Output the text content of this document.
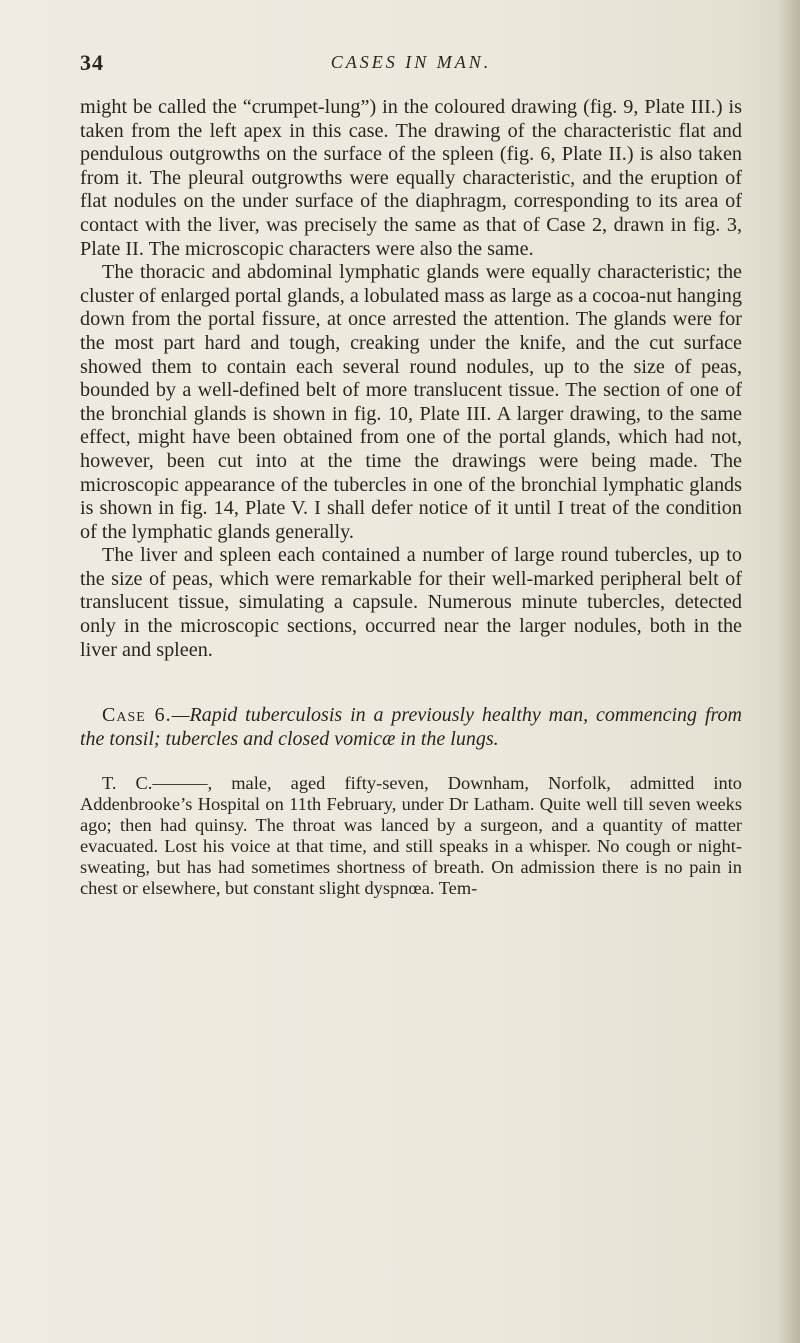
34	CASES IN MAN.

might be called the “crumpet-lung”) in the coloured drawing (fig. 9, Plate III.) is taken from the left apex in this case. The drawing of the characteristic flat and pendulous outgrowths on the surface of the spleen (fig. 6, Plate II.) is also taken from it. The pleural outgrowths were equally characteristic, and the eruption of flat nodules on the under surface of the diaphragm, corresponding to its area of contact with the liver, was precisely the same as that of Case 2, drawn in fig. 3, Plate II. The microscopic characters were also the same.

The thoracic and abdominal lymphatic glands were equally characteristic; the cluster of enlarged portal glands, a lobulated mass as large as a cocoa-nut hanging down from the portal fissure, at once arrested the attention. The glands were for the most part hard and tough, creaking under the knife, and the cut surface showed them to contain each several round nodules, up to the size of peas, bounded by a well-defined belt of more translucent tissue. The section of one of the bronchial glands is shown in fig. 10, Plate III. A larger drawing, to the same effect, might have been obtained from one of the portal glands, which had not, however, been cut into at the time the drawings were being made. The microscopic appearance of the tubercles in one of the bronchial lymphatic glands is shown in fig. 14, Plate V. I shall defer notice of it until I treat of the condition of the lymphatic glands generally.

The liver and spleen each contained a number of large round tubercles, up to the size of peas, which were remarkable for their well-marked peripheral belt of translucent tissue, simulating a capsule. Numerous minute tubercles, detected only in the microscopic sections, occurred near the larger nodules, both in the liver and spleen.

Case 6.—Rapid tuberculosis in a previously healthy man, commencing from the tonsil; tubercles and closed vomicæ in the lungs.

T. C.———, male, aged fifty-seven, Downham, Norfolk, admitted into Addenbrooke’s Hospital on 11th February, under Dr Latham. Quite well till seven weeks ago; then had quinsy. The throat was lanced by a surgeon, and a quantity of matter evacuated. Lost his voice at that time, and still speaks in a whisper. No cough or night-sweating, but has had sometimes shortness of breath. On admission there is no pain in chest or elsewhere, but constant slight dyspnœa. Tem-
